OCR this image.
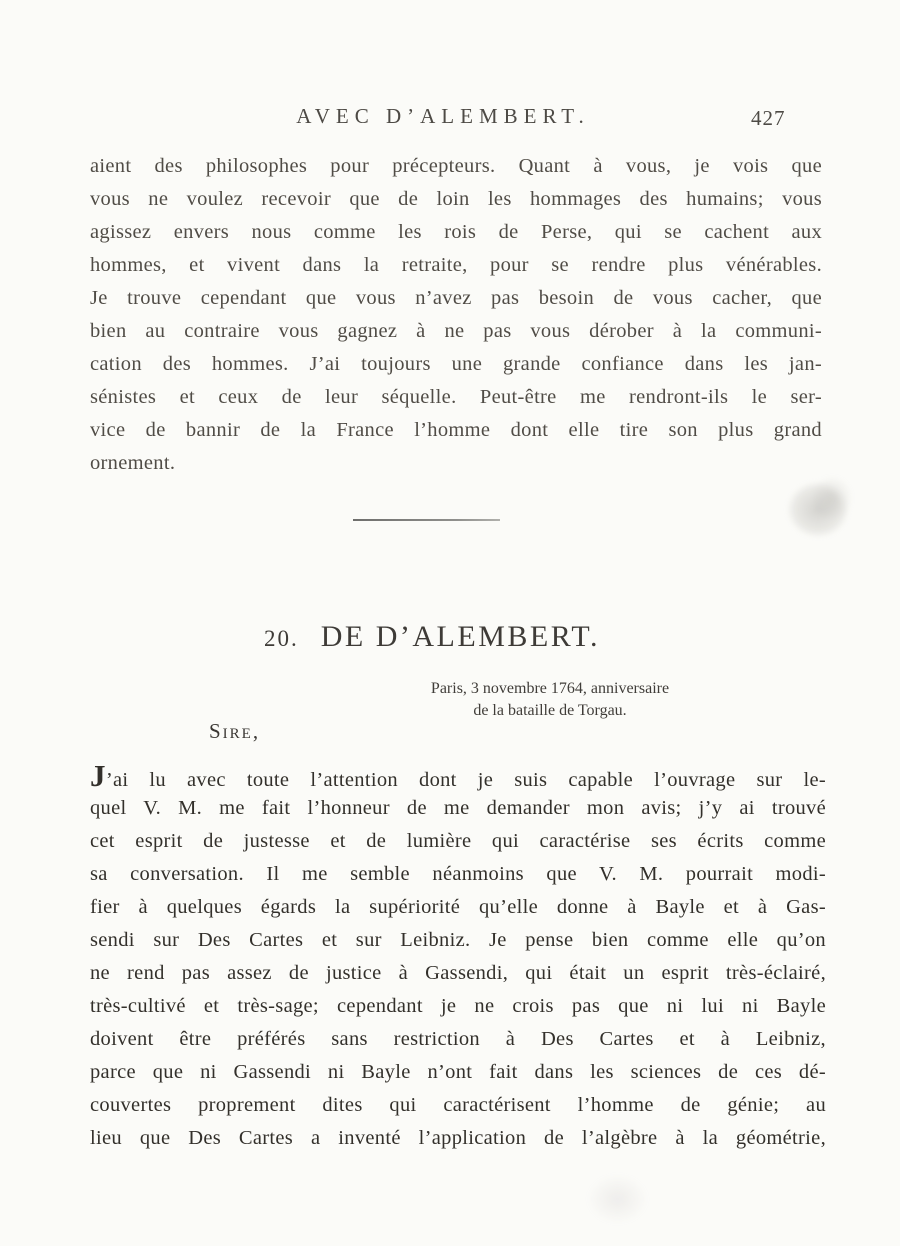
AVEC D’ALEMBERT.	427
aient des philosophes pour précepteurs. Quant à vous, je vois que
vous ne voulez recevoir que de loin les hommages des humains; vous
agissez envers nous comme les rois de Perse, qui se cachent aux
hommes, et vivent dans la retraite, pour se rendre plus vénérables.
Je trouve cependant que vous n’avez pas besoin de vous cacher, que
bien au contraire vous gagnez à ne pas vous dérober à la communi-
cation des hommes. J’ai toujours une grande confiance dans les jan-
sénistes et ceux de leur séquelle. Peut-être me rendront-ils le ser-
vice de bannir de la France l’homme dont elle tire son plus grand
ornement.
20. DE D’ALEMBERT.
Paris, 3 novembre 1764, anniversaire
de la bataille de Torgau.
Sire,
J’ai lu avec toute l’attention dont je suis capable l’ouvrage sur le-
quel V. M. me fait l’honneur de me demander mon avis; j’y ai trouvé
cet esprit de justesse et de lumière qui caractérise ses écrits comme
sa conversation. Il me semble néanmoins que V. M. pourrait modi-
fier à quelques égards la supériorité qu’elle donne à Bayle et à Gas-
sendi sur Des Cartes et sur Leibniz. Je pense bien comme elle qu’on
ne rend pas assez de justice à Gassendi, qui était un esprit très-éclairé,
très-cultivé et très-sage; cependant je ne crois pas que ni lui ni Bayle
doivent être préférés sans restriction à Des Cartes et à Leibniz,
parce que ni Gassendi ni Bayle n’ont fait dans les sciences de ces dé-
couvertes proprement dites qui caractérisent l’homme de génie; au
lieu que Des Cartes a inventé l’application de l’algèbre à la géométrie,
